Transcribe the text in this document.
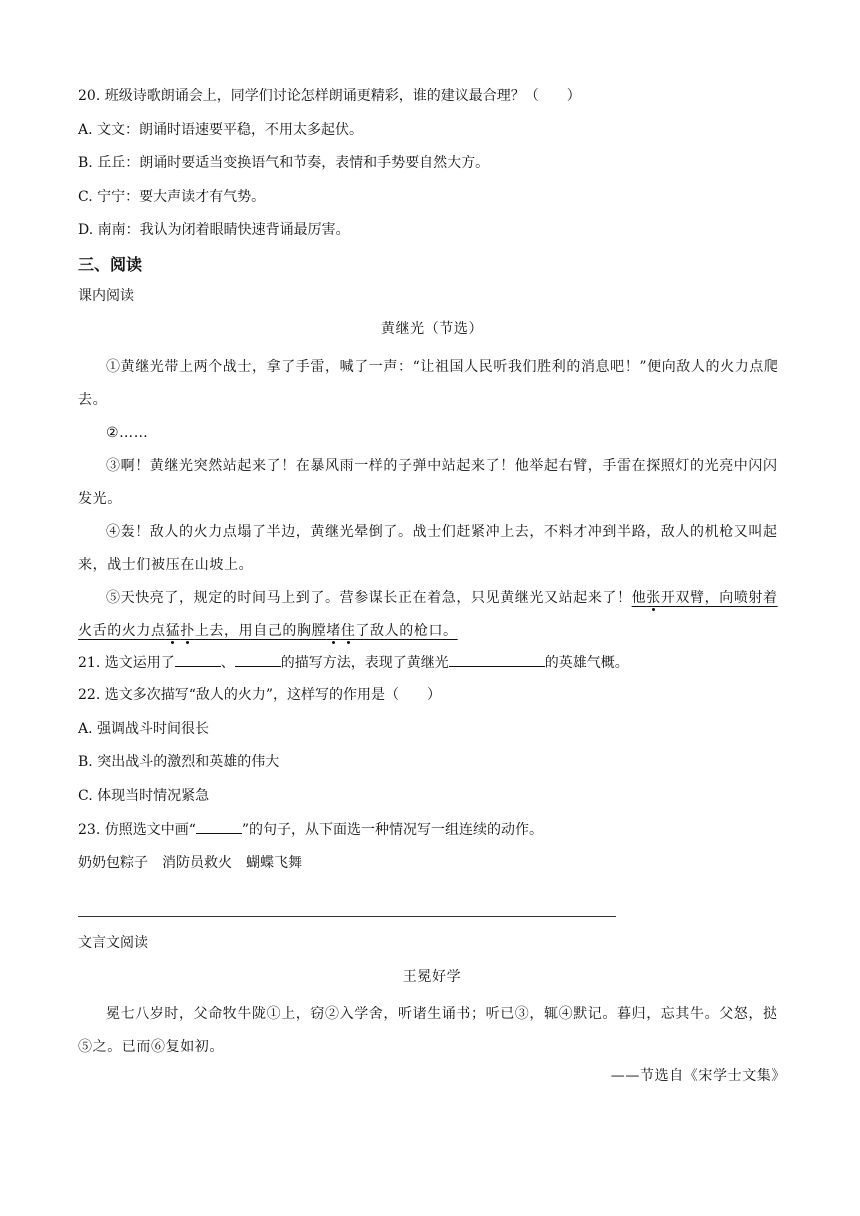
20. 班级诗歌朗诵会上，同学们讨论怎样朗诵更精彩，谁的建议最合理？（　　）
A. 文文：朗诵时语速要平稳，不用太多起伏。
B. 丘丘：朗诵时要适当变换语气和节奏，表情和手势要自然大方。
C. 宁宁：要大声读才有气势。
D. 南南：我认为闭着眼睛快速背诵最厉害。
三、阅读
课内阅读
黄继光（节选）
①黄继光带上两个战士，拿了手雷，喊了一声：“让祖国人民听我们胜利的消息吧！”便向敌人的火力点爬去。
②……
③啊！黄继光突然站起来了！在暴风雨一样的子弹中站起来了！他举起右臂，手雷在探照灯的光亮中闪闪发光。
④轰！敌人的火力点塌了半边，黄继光晕倒了。战士们赶紧冲上去，不料才冲到半路，敌人的机枪又叫起来，战士们被压在山坡上。
⑤天快亮了，规定的时间马上到了。营参谋长正在着急，只见黄继光又站起来了！他张开双臂，向喷射着火舌的火力点猛扑上去，用自己的胸膛堵住了敌人的枪口。
21. 选文运用了	、	的描写方法，表现了黄继光	的英雄气概。
22. 选文多次描写“敌人的火力”，这样写的作用是（　　）
A. 强调战斗时间很长
B. 突出战斗的激烈和英雄的伟大
C. 体现当时情况紧急
23. 仿照选文中画“	”的句子，从下面选一种情况写一组连续的动作。
奶奶包粽子　消防员救火　蝴蝶飞舞
文言文阅读
王冕好学
冕七八岁时，父命牧牛陇①上，窃②入学舍，听诸生诵书；听已③，辄④默记。暮归，忘其牛。父怒，挞⑤之。已而⑥复如初。
——节选自《宋学士文集》
